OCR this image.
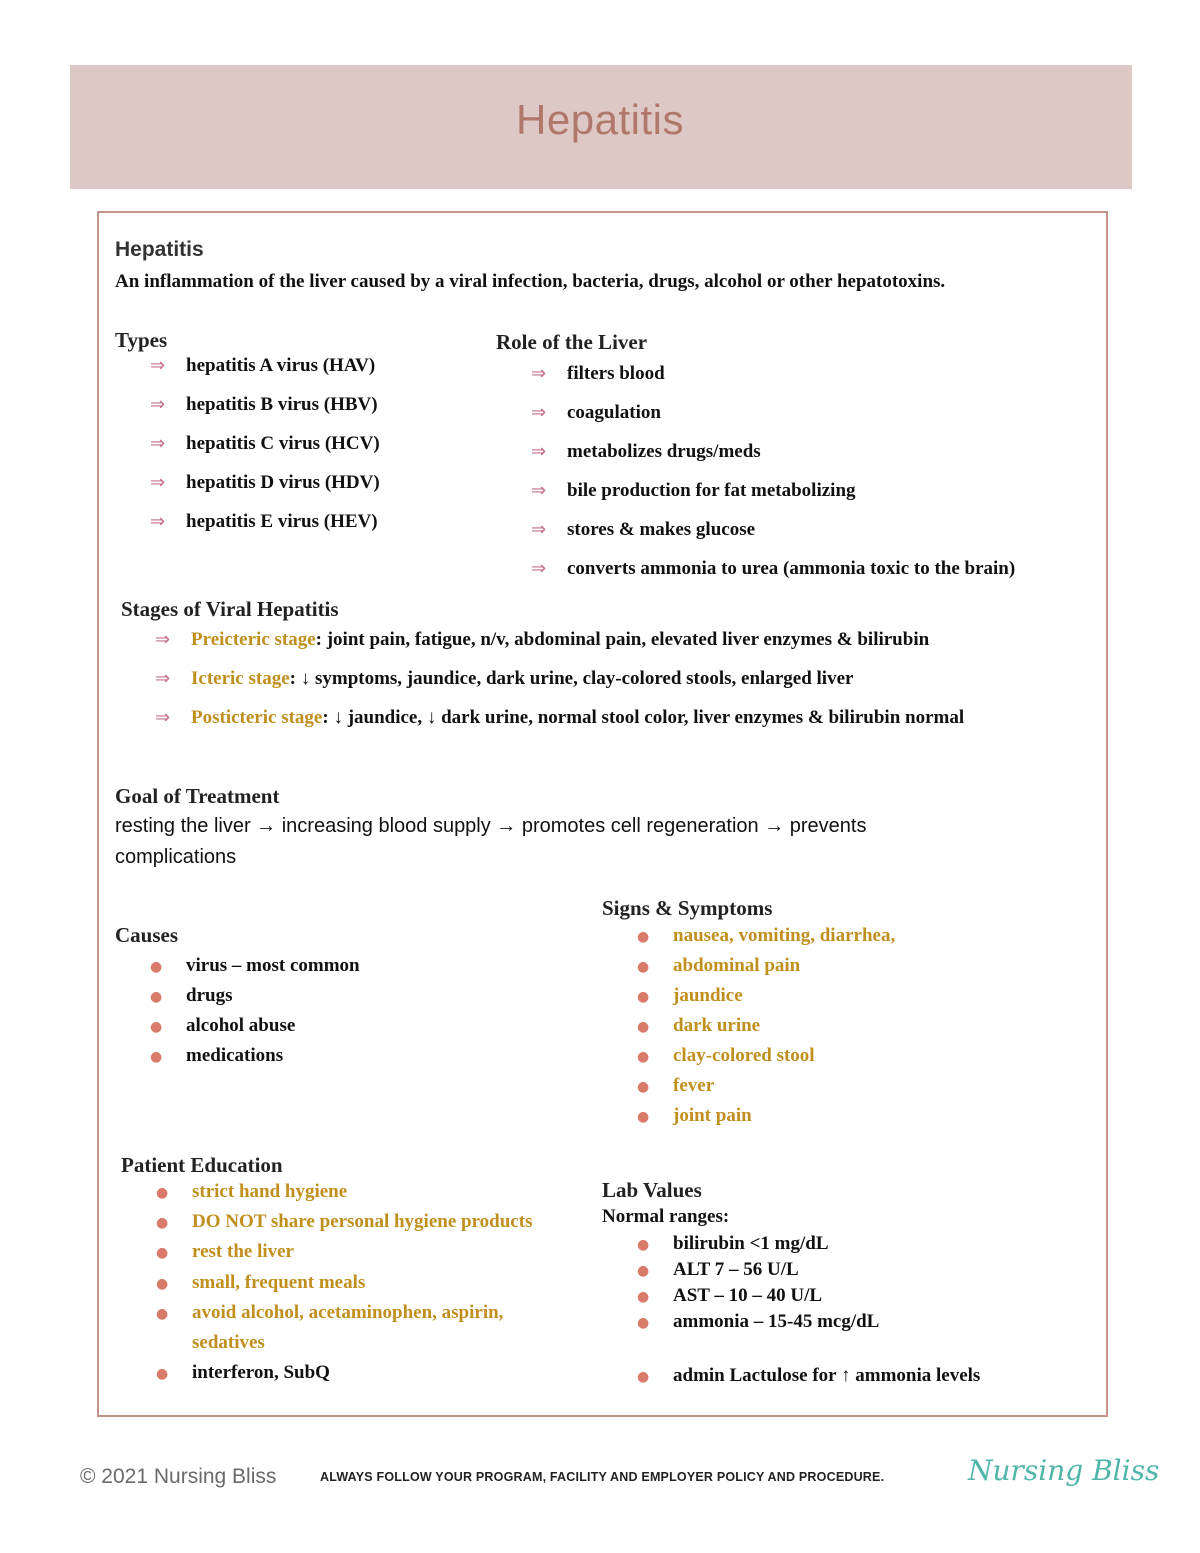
Hepatitis
Hepatitis
An inflammation of the liver caused by a viral infection, bacteria, drugs, alcohol or other hepatotoxins.
Types
⇒ hepatitis A virus (HAV)
⇒ hepatitis B virus (HBV)
⇒ hepatitis C virus (HCV)
⇒ hepatitis D virus (HDV)
⇒ hepatitis E virus (HEV)
Role of the Liver
⇒ filters blood
⇒ coagulation
⇒ metabolizes drugs/meds
⇒ bile production for fat metabolizing
⇒ stores & makes glucose
⇒ converts ammonia to urea (ammonia toxic to the brain)
Stages of Viral Hepatitis
⇒ Preicteric stage: joint pain, fatigue, n/v, abdominal pain, elevated liver enzymes & bilirubin
⇒ Icteric stage: ↓ symptoms, jaundice, dark urine, clay-colored stools, enlarged liver
⇒ Posticteric stage: ↓ jaundice, ↓ dark urine, normal stool color, liver enzymes & bilirubin normal
Goal of Treatment
resting the liver → increasing blood supply → promotes cell regeneration → prevents
complications
Causes
● virus – most common
● drugs
● alcohol abuse
● medications
Signs & Symptoms
● nausea, vomiting, diarrhea,
● abdominal pain
● jaundice
● dark urine
● clay-colored stool
● fever
● joint pain
Patient Education
● strict hand hygiene
● DO NOT share personal hygiene products
● rest the liver
● small, frequent meals
● avoid alcohol, acetaminophen, aspirin,
sedatives
● interferon, SubQ
Lab Values
Normal ranges:
● bilirubin <1 mg/dL
● ALT 7 – 56 U/L
● AST – 10 – 40 U/L
● ammonia – 15-45 mcg/dL
● admin Lactulose for ↑ ammonia levels
© 2021 Nursing Bliss	ALWAYS FOLLOW YOUR PROGRAM, FACILITY AND EMPLOYER POLICY AND PROCEDURE.	Nursing Bliss
